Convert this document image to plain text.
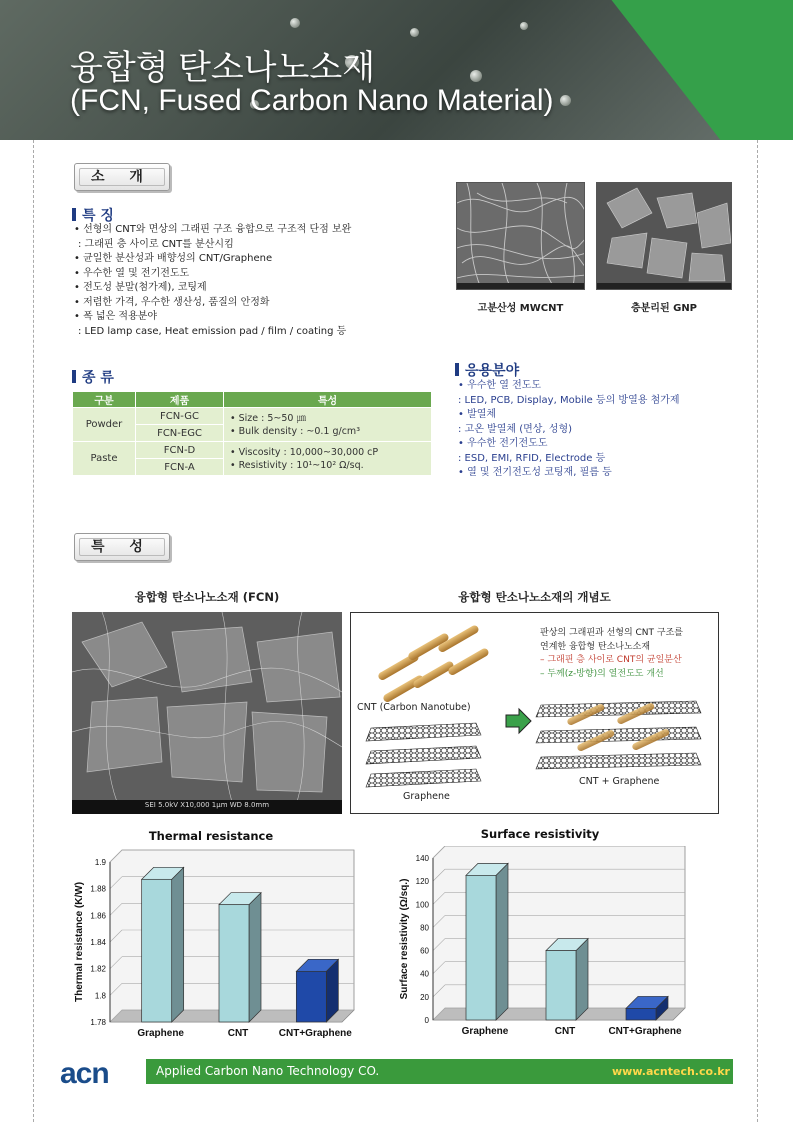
융합형 탄소나노소재
(FCN, Fused Carbon Nano Material)
소 개
특 징
• 선형의 CNT와 면상의 그래핀 구조 융합으로 구조적 단점 보완
: 그래핀 층 사이로 CNT를 분산시킴
• 균일한 분산성과 배향성의 CNT/Graphene
• 우수한 열 및 전기전도도
• 전도성 분말(첨가제), 코팅제
• 저렴한 가격, 우수한 생산성, 품질의 안정화
• 폭 넓은 적용분야
: LED lamp case, Heat emission pad / film / coating 등
고분산성 MWCNT	층분리된 GNP
종 류
구분	제품	특성
Powder	FCN-GC	• Size : 5~50 ㎛
• Bulk density : ~0.1 g/cm³

	FCN-EGC	
Paste	FCN-D	• Viscosity : 10,000~30,000 cP
• Resistivity : 10¹~10² Ω/sq.

	FCN-A	
응용분야
• 우수한 열 전도도
: LED, PCB, Display, Mobile 등의 방열용 첨가제
• 발열체
: 고온 발열체 (면상, 성형)
• 우수한 전기전도도
: ESD, EMI, RFID, Electrode 등
• 열 및 전기전도성 코팅재, 필름 등
특 성
융합형 탄소나노소재 (FCN)	융합형 탄소나노소재의 개념도
SEI 5.0kV X10,000 1μm WD 8.0mm
판상의 그래핀과 선형의 CNT 구조를
연계한 융합형 탄소나노소재
– 그래핀 층 사이로 CNT의 균일분산
– 두께(z-방향)의 열전도도 개선
CNT (Carbon Nanotube)
Graphene
CNT + Graphene
Thermal resistance	Surface resistivity
1.78
1.8
1.82
1.84
1.86
1.88
1.9
Graphene	CNT	CNT+Graphene
Thermal resistance (K/W)
0
20
40
60
80
100
120
140
Graphene	CNT	CNT+Graphene
Surface resistivity (Ω/sq.)
acn	Applied Carbon Nano Technology CO.	www.acntech.co.kr
